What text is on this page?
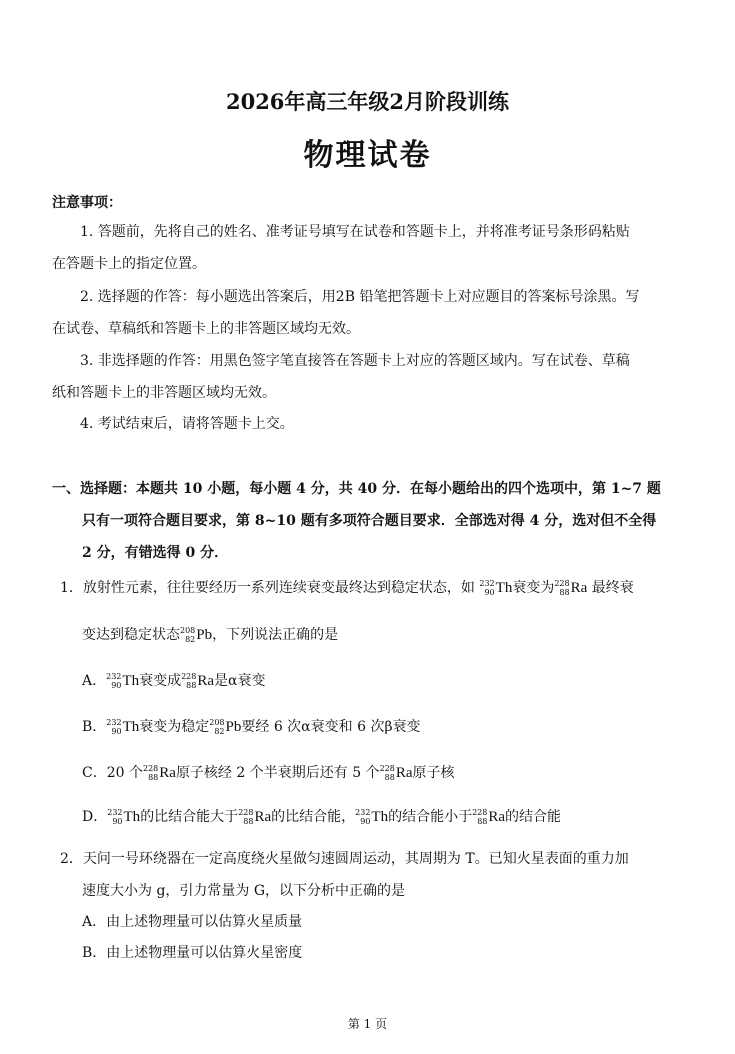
2026年高三年级2月阶段训练
物理试卷
注意事项：
1. 答题前，先将自己的姓名、准考证号填写在试卷和答题卡上，并将准考证号条形码粘贴
在答题卡上的指定位置。
2. 选择题的作答：每小题选出答案后，用2B 铅笔把答题卡上对应题目的答案标号涂黑。写
在试卷、草稿纸和答题卡上的非答题区域均无效。
3. 非选择题的作答：用黑色签字笔直接答在答题卡上对应的答题区域内。写在试卷、草稿
纸和答题卡上的非答题区域均无效。
4. 考试结束后，请将答题卡上交。
一、选择题：本题共 10 小题，每小题 4 分，共 40 分．在每小题给出的四个选项中，第 1~7 题
只有一项符合题目要求，第 8~10 题有多项符合题目要求．全部选对得 4 分，选对但不全得
2 分，有错选得 0 分．
1．放射性元素，往往要经历一系列连续衰变最终达到稳定状态，如 232
90 Th衰变为 228
88 Ra 最终衰
变达到稳定状态 208
82 Pb，下列说法正确的是
A． 232
90 Th衰变成 228
88 Ra是α衰变
B． 232
90 Th衰变为稳定 208
82 Pb要经 6 次α衰变和 6 次β衰变
C．20 个 228
88 Ra原子核经 2 个半衰期后还有 5 个 228
88 Ra原子核
D． 232
90 Th的比结合能大于 228
88 Ra的比结合能， 232
90 Th的结合能小于 228
88 Ra的结合能
2．天问一号环绕器在一定高度绕火星做匀速圆周运动，其周期为 T。已知火星表面的重力加
速度大小为 g，引力常量为 G，以下分析中正确的是
A．由上述物理量可以估算火星质量
B．由上述物理量可以估算火星密度
第 1 页
